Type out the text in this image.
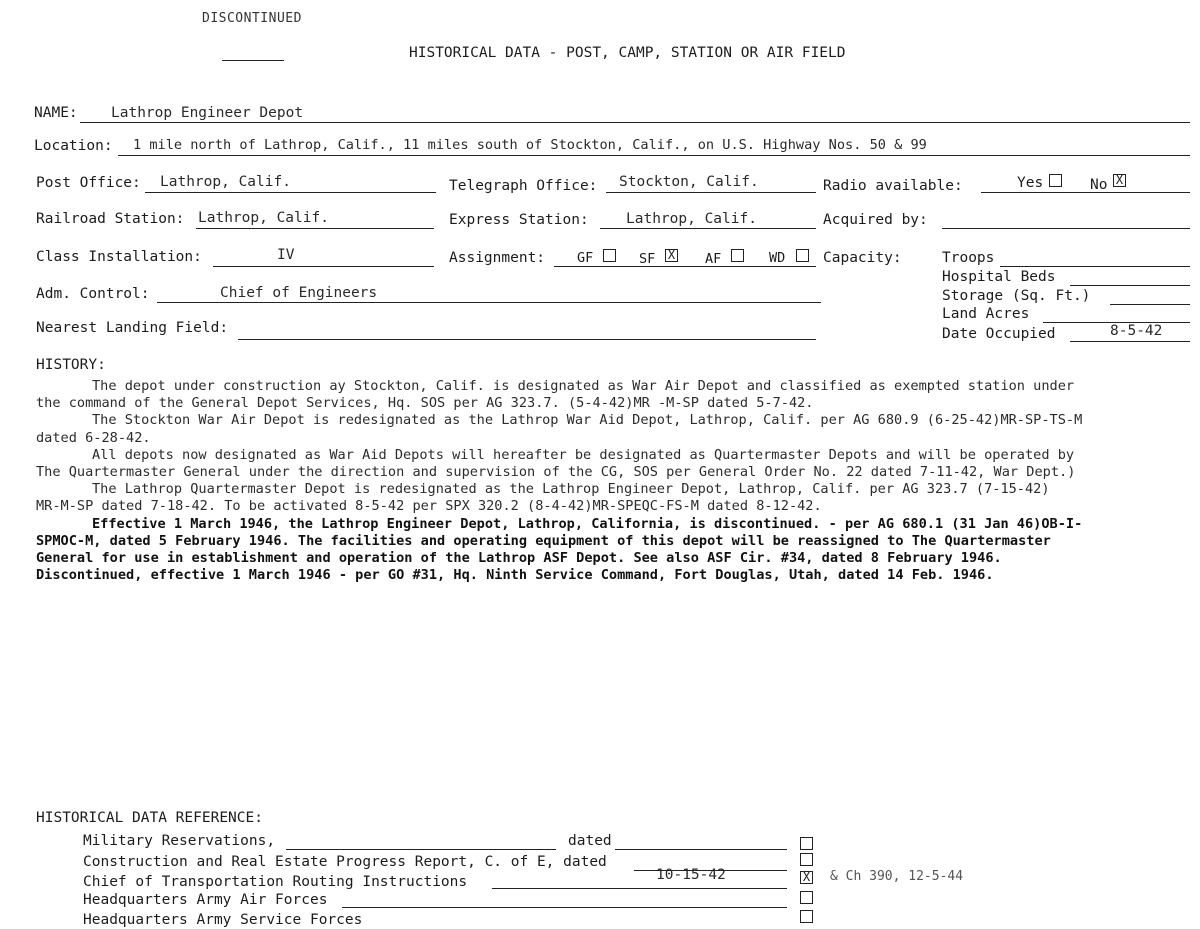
DISCONTINUED
HISTORICAL DATA - POST, CAMP, STATION OR AIR FIELD
NAME: Lathrop Engineer Depot
Location: 1 mile north of Lathrop, Calif., 11 miles south of Stockton, Calif., on U.S. Highway Nos. 50 & 99
Post Office: Lathrop, Calif.	Telegraph Office: Stockton, Calif.	Radio available:	Yes	No X
Railroad Station: Lathrop, Calif.	Express Station:	Lathrop, Calif.	Acquired by:
Class Installation:	IV	Assignment: GF	SF X AF	WD	Capacity:	Troops
Hospital Beds
Storage (Sq. Ft.)
Land Acres
Date Occupied	8-5-42
Adm. Control:	Chief of Engineers
Nearest Landing Field:
HISTORY:

The depot under construction ay Stockton, Calif. is designated as War Air Depot and classified as exempted station under

the command of the General Depot Services, Hq. SOS per AG 323.7. (5-4-42)MR -M-SP dated 5-7-42.

The Stockton War Air Depot is redesignated as the Lathrop War Aid Depot, Lathrop, Calif. per AG 680.9 (6-25-42)MR-SP-TS-M

dated 6-28-42.

All depots now designated as War Aid Depots will hereafter be designated as Quartermaster Depots and will be operated by

The Quartermaster General under the direction and supervision of the CG, SOS per General Order No. 22 dated 7-11-42, War Dept.)

The Lathrop Quartermaster Depot is redesignated as the Lathrop Engineer Depot, Lathrop, Calif. per AG 323.7 (7-15-42)

MR-M-SP dated 7-18-42. To be activated 8-5-42 per SPX 320.2 (8-4-42)MR-SPEQC-FS-M dated 8-12-42.

Effective 1 March 1946, the Lathrop Engineer Depot, Lathrop, California, is discontinued. - per AG 680.1 (31 Jan 46)OB-I-

SPMOC-M, dated 5 February 1946. The facilities and operating equipment of this depot will be reassigned to The Quartermaster

General for use in establishment and operation of the Lathrop ASF Depot. See also ASF Cir. #34, dated 8 February 1946.

Discontinued, effective 1 March 1946 - per GO #31, Hq. Ninth Service Command, Fort Douglas, Utah, dated 14 Feb. 1946.

HISTORICAL DATA REFERENCE:
Military Reservations,	dated
Construction and Real Estate Progress Report, C. of E, dated
Chief of Transportation Routing Instructions	10-15-42	X & Ch 390, 12-5-44
Headquarters Army Air Forces
Headquarters Army Service Forces
